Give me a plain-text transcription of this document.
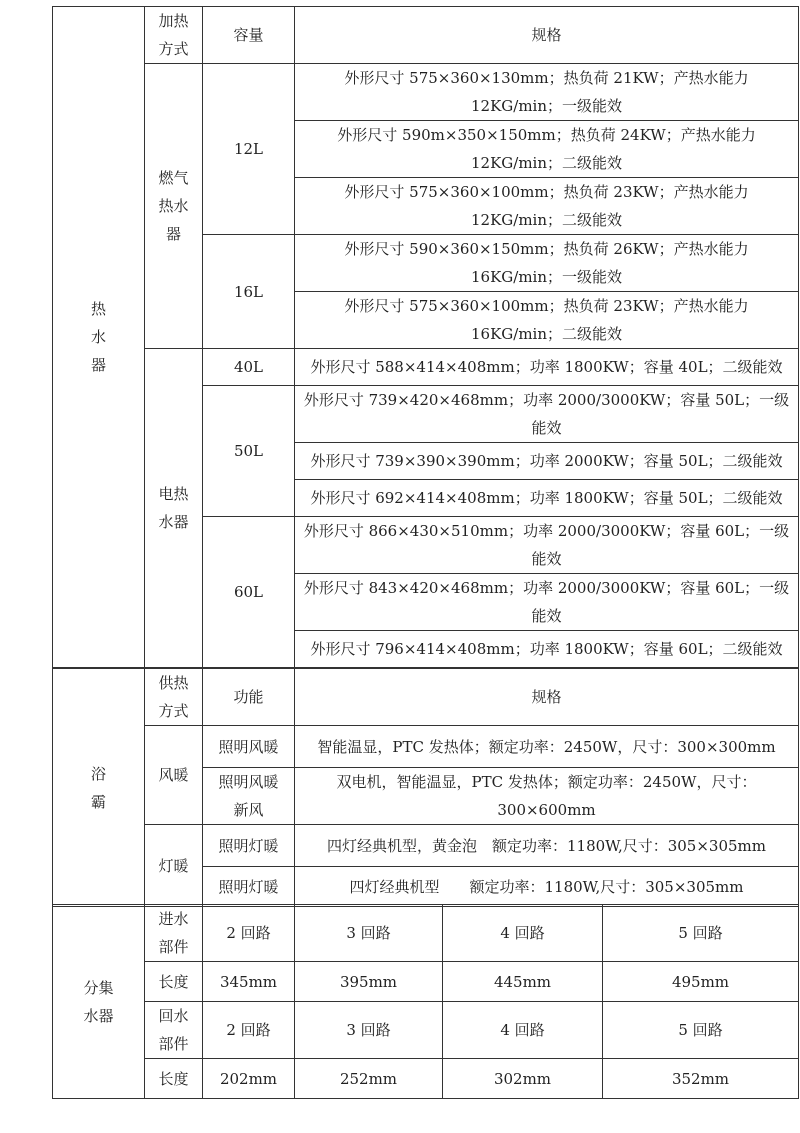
热水器	加热方式	容量	规格
	燃气热水器	12L	外形尺寸 575×360×130mm；热负荷 21KW；产热水能力 12KG/min；一级能效
			外形尺寸 590m×350×150mm；热负荷 24KW；产热水能力 12KG/min；二级能效
			外形尺寸 575×360×100mm；热负荷 23KW；产热水能力 12KG/min；二级能效
		16L	外形尺寸 590×360×150mm；热负荷 26KW；产热水能力 16KG/min；一级能效
			外形尺寸 575×360×100mm；热负荷 23KW；产热水能力 16KG/min；二级能效
	电热水器	40L	外形尺寸 588×414×408mm；功率 1800KW；容量 40L；二级能效
		50L	外形尺寸 739×420×468mm；功率 2000/3000KW；容量 50L；一级能效
			外形尺寸 739×390×390mm；功率 2000KW；容量 50L；二级能效
			外形尺寸 692×414×408mm；功率 1800KW；容量 50L；二级能效
		60L	外形尺寸 866×430×510mm；功率 2000/3000KW；容量 60L；一级能效
			外形尺寸 843×420×468mm；功率 2000/3000KW；容量 60L；一级能效
			外形尺寸 796×414×408mm；功率 1800KW；容量 60L；二级能效
浴霸	供热方式	功能	规格
	风暖	照明风暖	智能温显，PTC 发热体；额定功率：2450W，尺寸：300×300mm
		照明风暖新风	双电机，智能温显，PTC 发热体；额定功率：2450W，尺寸：300×600mm
	灯暖	照明灯暖	四灯经典机型，黄金泡　额定功率：1180W,尺寸：305×305mm
		照明灯暖	四灯经典机型　　额定功率：1180W,尺寸：305×305mm
分集水器	进水部件	2 回路	3 回路	4 回路	5 回路
	长度	345mm	395mm	445mm	495mm
	回水部件	2 回路	3 回路	4 回路	5 回路
	长度	202mm	252mm	302mm	352mm
